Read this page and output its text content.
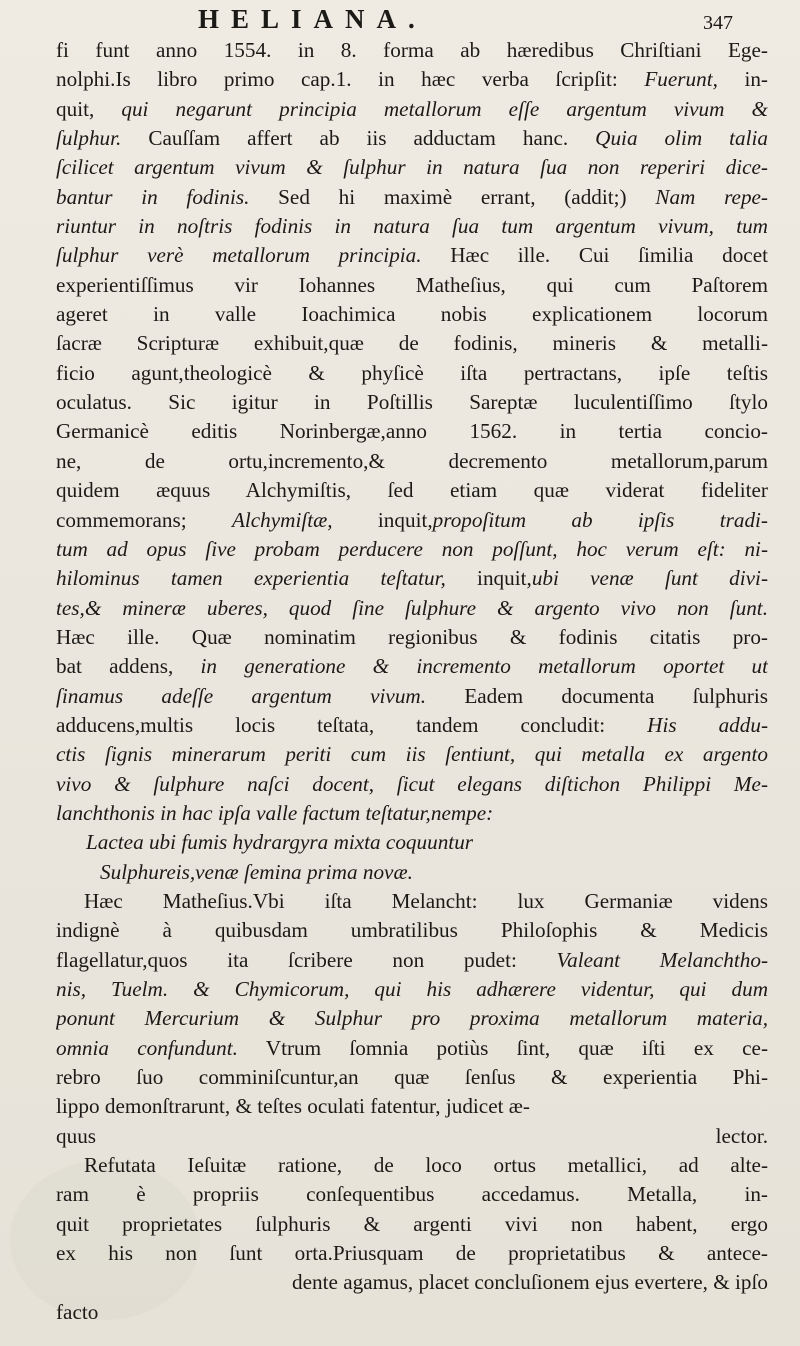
HELIANA.	347
fi funt anno 1554. in 8. forma ab hæredibus Chriſtiani Ege-
nolphi.Is libro primo cap.1. in hæc verba ſcripſit: Fuerunt, in-
quit, qui negarunt principia metallorum eſſe argentum vivum &
ſulphur. Cauſſam affert ab iis adductam hanc. Quia olim talia
ſcilicet argentum vivum & ſulphur in natura ſua non reperiri dice-
bantur in fodinis. Sed hi maximè errant, (addit;) Nam repe-
riuntur in noſtris fodinis in natura ſua tum argentum vivum, tum
ſulphur verè metallorum principia. Hæc ille. Cui ſimilia docet
experientiſſimus vir Iohannes Matheſius, qui cum Paſtorem
ageret in valle Ioachimica nobis explicationem locorum
ſacræ Scripturæ exhibuit,quæ de fodinis, mineris & metalli-
ficio agunt,theologicè & phyſicè iſta pertractans, ipſe teſtis
oculatus. Sic igitur in Poſtillis Sareptæ luculentiſſimo ſtylo
Germanicè editis Norinbergæ,anno 1562. in tertia concio-
ne, de ortu,incremento,& decremento metallorum,parum
quidem æquus Alchymiſtis, ſed etiam quæ viderat fideliter
commemorans; Alchymiſtæ, inquit,propoſitum ab ipſis tradi-
tum ad opus ſive probam perducere non poſſunt, hoc verum eſt: ni-
hilominus tamen experientia teſtatur, inquit,ubi venæ ſunt divi-
tes,& mineræ uberes, quod ſine ſulphure & argento vivo non ſunt.
Hæc ille. Quæ nominatim regionibus & fodinis citatis pro-
bat addens, in generatione & incremento metallorum oportet ut
ſinamus adeſſe argentum vivum. Eadem documenta ſulphuris
adducens,multis locis teſtata, tandem concludit: His addu-
ctis ſignis minerarum periti cum iis ſentiunt, qui metalla ex argento
vivo & ſulphure naſci docent, ſicut elegans diſtichon Philippi Me-
lanchthonis in hac ipſa valle factum teſtatur,nempe:
Lactea ubi fumis hydrargyra mixta coquuntur
Sulphureis,venæ ſemina prima novæ.
Hæc Matheſius.Vbi iſta Melancht: lux Germaniæ videns
indignè à quibusdam umbratilibus Philoſophis & Medicis
flagellatur,quos ita ſcribere non pudet: Valeant Melanchtho-
nis, Tuelm. & Chymicorum, qui his adhærere videntur, qui dum
ponunt Mercurium & Sulphur pro proxima metallorum materia,
omnia confundunt. Vtrum ſomnia potiùs ſint, quæ iſti ex ce-
rebro ſuo comminiſcuntur,an quæ ſenſus & experientia Phi-
lippo demonſtrarunt, & teſtes oculati fatentur, judicet æ-
quus lector.
Refutata Ieſuitæ ratione, de loco ortus metallici, ad alte-
ram è propriis conſequentibus accedamus. Metalla, in-
quit proprietates ſulphuris & argenti vivi non habent, ergo
ex his non ſunt orta.Priusquam de proprietatibus & antece-
dente agamus, placet concluſionem ejus evertere, & ipſo
facto
